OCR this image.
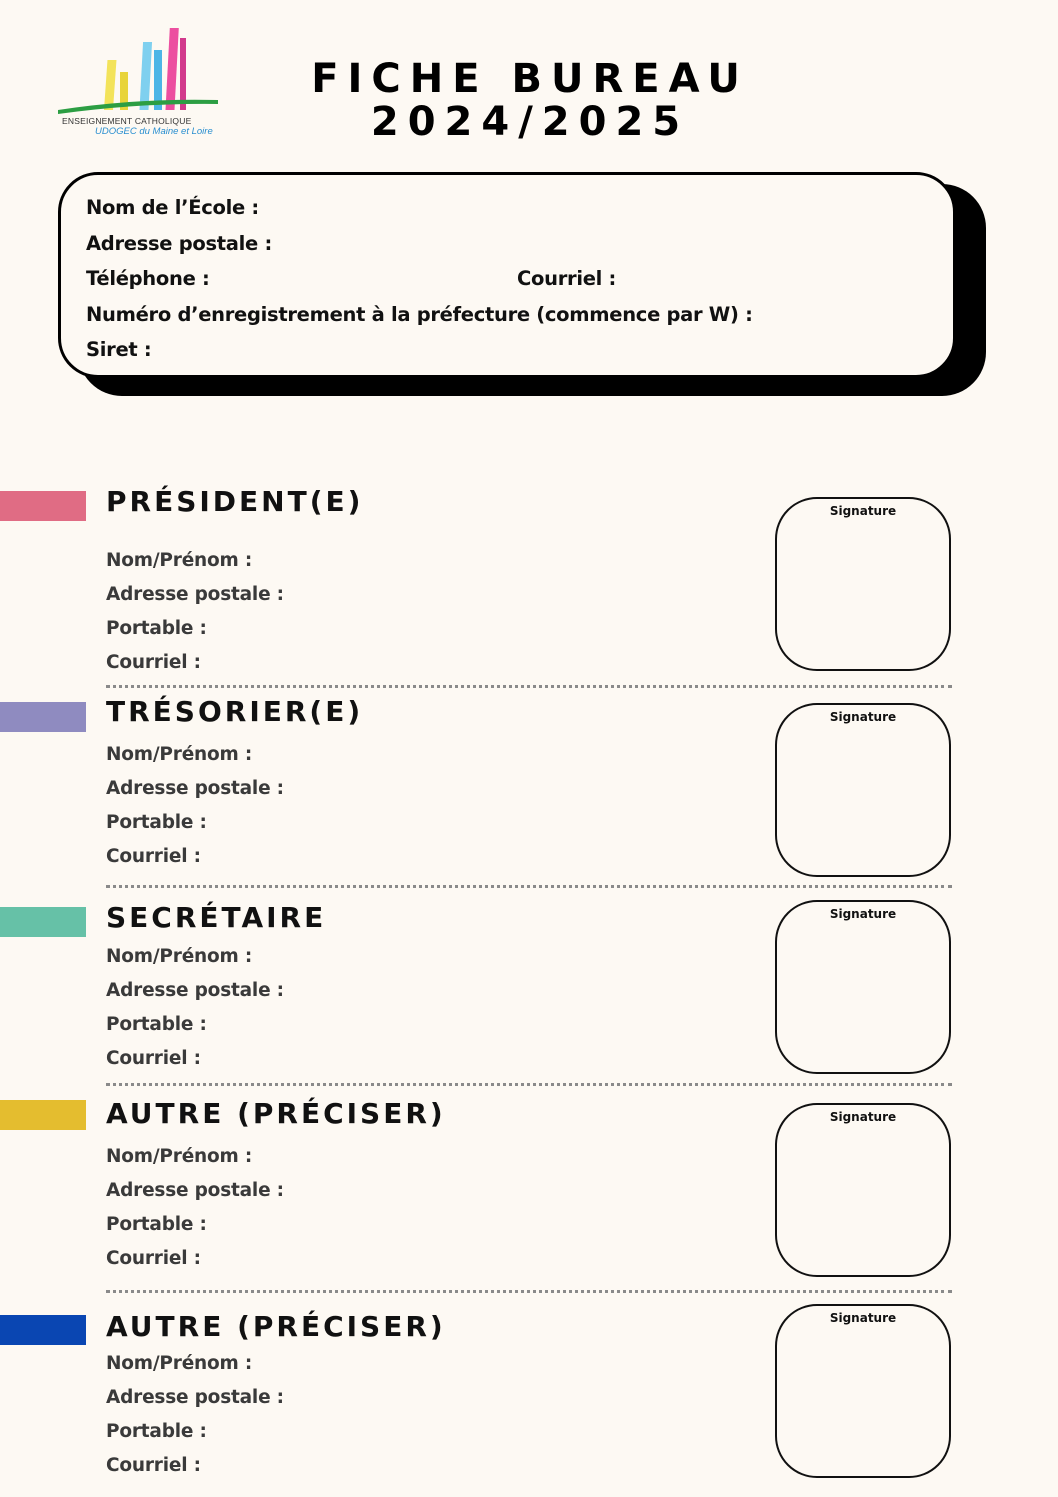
ENSEIGNEMENT CATHOLIQUE
UDOGEC du Maine et Loire
FICHE BUREAU
2024/2025
Nom de l’École :
Adresse postale :
Téléphone :	Courriel :
Numéro d’enregistrement à la préfecture (commence par W) :
Siret :
PRÉSIDENT(E)
Nom/Prénom :
Adresse postale :
Portable :
Courriel :
Signature
TRÉSORIER(E)
Nom/Prénom :
Adresse postale :
Portable :
Courriel :
Signature
SECRÉTAIRE
Nom/Prénom :
Adresse postale :
Portable :
Courriel :
Signature
AUTRE (PRÉCISER)
Nom/Prénom :
Adresse postale :
Portable :
Courriel :
Signature
AUTRE (PRÉCISER)
Nom/Prénom :
Adresse postale :
Portable :
Courriel :
Signature
